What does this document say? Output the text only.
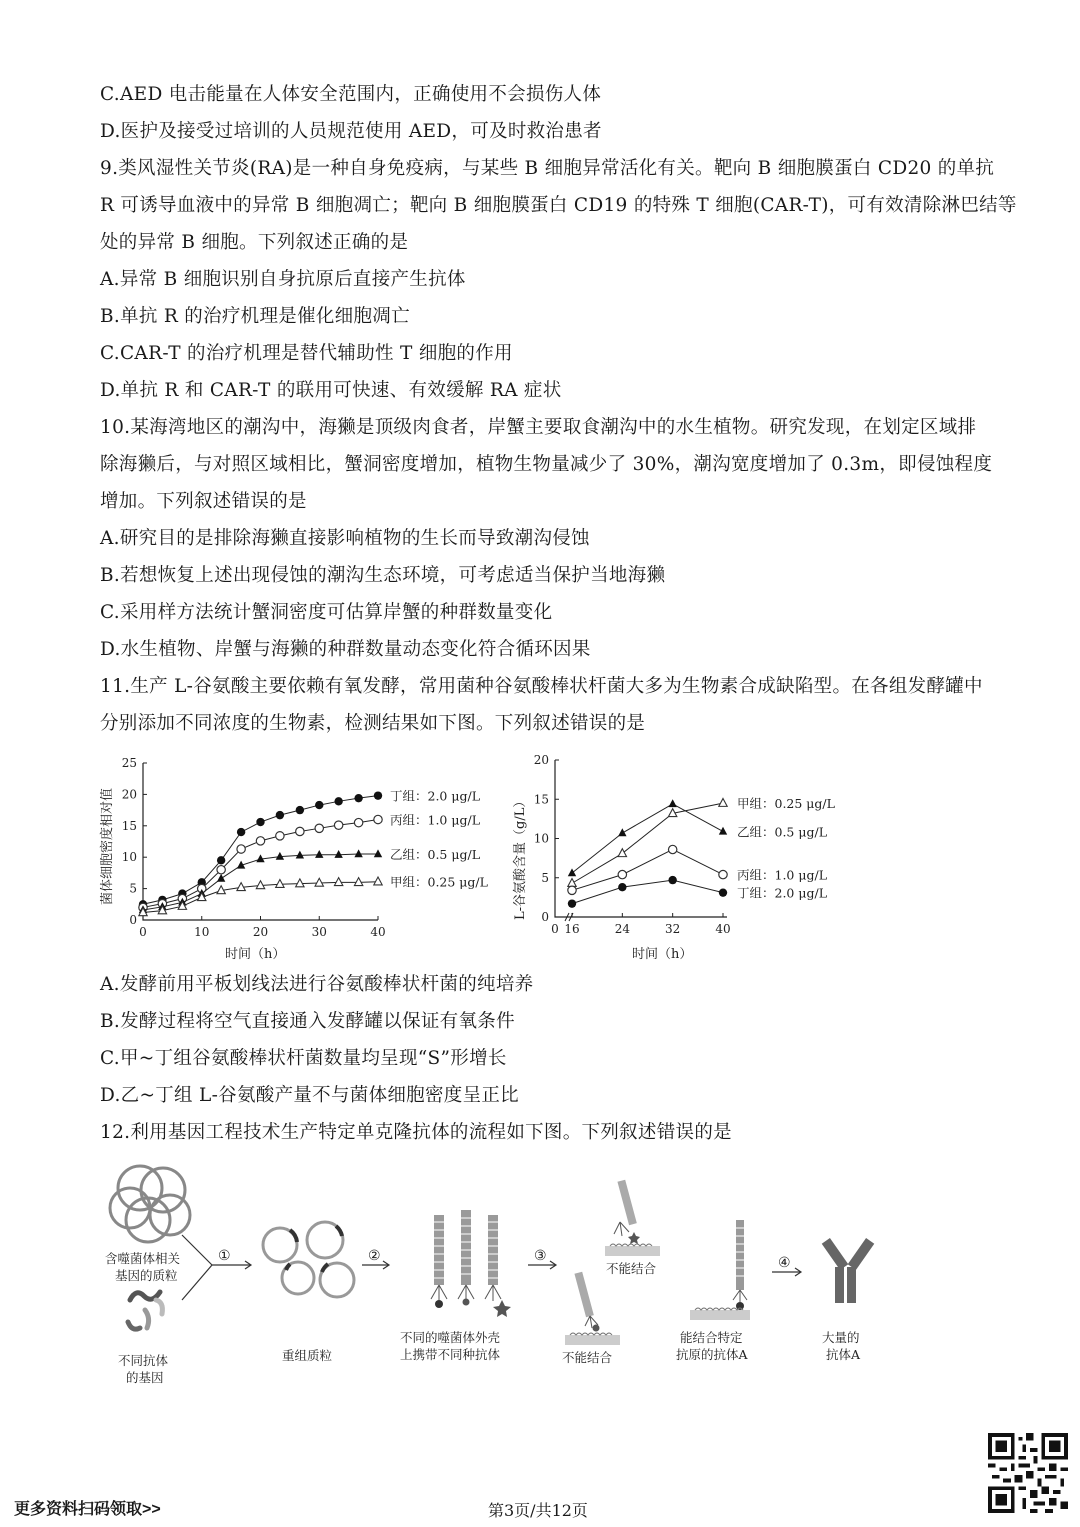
C.AED 电击能量在人体安全范围内，正确使用不会损伤人体
D.医护及接受过培训的人员规范使用 AED，可及时救治患者
9.类风湿性关节炎(RA)是一种自身免疫病，与某些 B 细胞异常活化有关。靶向 B 细胞膜蛋白 CD20 的单抗
R 可诱导血液中的异常 B 细胞凋亡；靶向 B 细胞膜蛋白 CD19 的特殊 T 细胞(CAR-T)，可有效清除淋巴结等
处的异常 B 细胞。下列叙述正确的是
A.异常 B 细胞识别自身抗原后直接产生抗体
B.单抗 R 的治疗机理是催化细胞凋亡
C.CAR-T 的治疗机理是替代辅助性 T 细胞的作用
D.单抗 R 和 CAR-T 的联用可快速、有效缓解 RA 症状
10.某海湾地区的潮沟中，海獭是顶级肉食者，岸蟹主要取食潮沟中的水生植物。研究发现，在划定区域排
除海獭后，与对照区域相比，蟹洞密度增加，植物生物量减少了 30%，潮沟宽度增加了 0.3m，即侵蚀程度
增加。下列叙述错误的是
A.研究目的是排除海獭直接影响植物的生长而导致潮沟侵蚀
B.若想恢复上述出现侵蚀的潮沟生态环境，可考虑适当保护当地海獭
C.采用样方法统计蟹洞密度可估算岸蟹的种群数量变化
D.水生植物、岸蟹与海獭的种群数量动态变化符合循环因果
11.生产 L-谷氨酸主要依赖有氧发酵，常用菌种谷氨酸棒状杆菌大多为生物素合成缺陷型。在各组发酵罐中
分别添加不同浓度的生物素，检测结果如下图。下列叙述错误的是
A.发酵前用平板划线法进行谷氨酸棒状杆菌的纯培养
B.发酵过程将空气直接通入发酵罐以保证有氧条件
C.甲~丁组谷氨酸棒状杆菌数量均呈现“S”形增长
D.乙~丁组 L-谷氨酸产量不与菌体细胞密度呈正比
12.利用基因工程技术生产特定单克隆抗体的流程如下图。下列叙述错误的是
菌体细胞密度相对值
0
5
10
15
20
25
0	10	20	30	40
丁组：2.0 μg/L
丙组：1.0 μg/L
乙组：0.5 μg/L
甲组：0.25 μg/L
时间（h）
L-谷氨酸含量（g/L） 0
5
10
15
20
0 16	24	32	40
甲组：0.25 μg/L
乙组：0.5 μg/L
丙组：1.0 μg/L
丁组：2.0 μg/L
时间（h）
含噬菌体相关
基因的质粒
不同抗体
的基因
①
重组质粒
②
不同的噬菌体外壳
上携带不同种抗体
③
不能结合
不能结合
能结合特定
抗原的抗体A
④
大量的
抗体A
更多资料扫码领取>>	第3页/共12页
